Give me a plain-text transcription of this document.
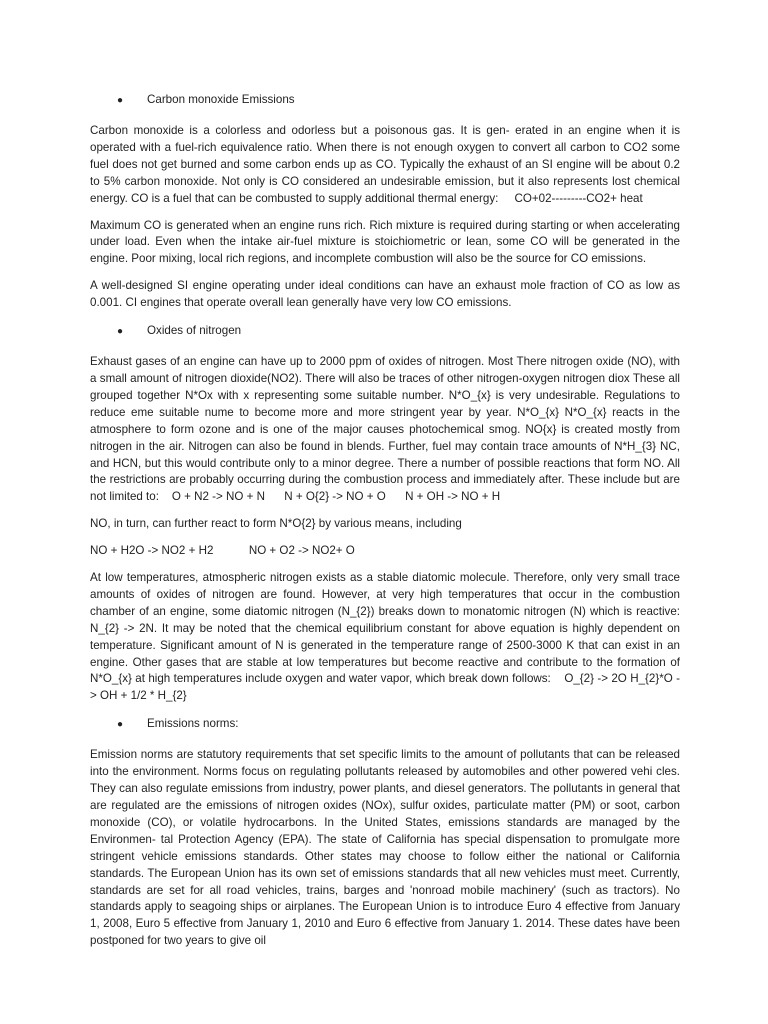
●	Carbon monoxide Emissions

Carbon monoxide is a colorless and odorless but a poisonous gas. It is gen- erated in an engine when it is operated with a fuel-rich equivalence ratio. When there is not enough oxygen to convert all carbon to CO2 some fuel does not get burned and some carbon ends up as CO. Typically the exhaust of an SI engine will be about 0.2 to 5% carbon monoxide. Not only is CO considered an undesirable emission, but it also represents lost chemical energy. CO is a fuel that can be combusted to supply additional thermal energy: CO+02---------CO2+ heat

Maximum CO is generated when an engine runs rich. Rich mixture is required during starting or when accelerating under load. Even when the intake air-fuel mixture is stoichiometric or lean, some CO will be generated in the engine. Poor mixing, local rich regions, and incomplete combustion will also be the source for CO emissions.

A well-designed SI engine operating under ideal conditions can have an exhaust mole fraction of CO as low as 0.001. CI engines that operate overall lean generally have very low CO emissions.

●	Oxides of nitrogen

Exhaust gases of an engine can have up to 2000 ppm of oxides of nitrogen. Most There nitrogen oxide (NO), with a small amount of nitrogen dioxide(NO2). There will also be traces of other nitrogen-oxygen nitrogen diox These all grouped together N*Ox with x representing some suitable number. N*O_{x} is very undesirable. Regulations to reduce eme suitable nume to become more and more stringent year by year. N*O_{x} N*O_{x} reacts in the atmosphere to form ozone and is one of the major causes photochemical smog. NO{x} is created mostly from nitrogen in the air. Nitrogen can also be found in blends. Further, fuel may contain trace amounts of N*H_{3} NC, and HCN, but this would contribute only to a minor degree. There a number of possible reactions that form NO. All the restrictions are probably occurring during the combustion process and immediately after. These include but are not limited to: O + N2 -> NO + N      N + O{2} -> NO + O      N + OH -> NO + H

NO, in turn, can further react to form N*O{2} by various means, including

NO + H2O -> NO2 + H2           NO + O2 -> NO2+ O

At low temperatures, atmospheric nitrogen exists as a stable diatomic molecule. Therefore, only very small trace amounts of oxides of nitrogen are found. However, at very high temperatures that occur in the combustion chamber of an engine, some diatomic nitrogen (N_{2}) breaks down to monatomic nitrogen (N) which is reactive: N_{2} -> 2N. It may be noted that the chemical equilibrium constant for above equation is highly dependent on temperature. Significant amount of N is generated in the temperature range of 2500-3000 K that can exist in an engine. Other gases that are stable at low temperatures but become reactive and contribute to the formation of N*O_{x} at high temperatures include oxygen and water vapor, which break down follows: O_{2} -> 2O H_{2}*O -> OH + 1/2 * H_{2}

●	Emissions norms:

Emission norms are statutory requirements that set specific limits to the amount of pollutants that can be released into the environment. Norms focus on regulating pollutants released by automobiles and other powered vehi cles. They can also regulate emissions from industry, power plants, and diesel generators. The pollutants in general that are regulated are the emissions of nitrogen oxides (NOx), sulfur oxides, particulate matter (PM) or soot, carbon monoxide (CO), or volatile hydrocarbons. In the United States, emissions standards are managed by the Environmen- tal Protection Agency (EPA). The state of California has special dispensation to promulgate more stringent vehicle emissions standards. Other states may choose to follow either the national or California standards. The European Union has its own set of emissions standards that all new vehicles must meet. Currently, standards are set for all road vehicles, trains, barges and 'nonroad mobile machinery' (such as tractors). No standards apply to seagoing ships or airplanes. The European Union is to introduce Euro 4 effective from January 1, 2008, Euro 5 effective from January 1, 2010 and Euro 6 effective from January 1. 2014. These dates have been postponed for two years to give oil
